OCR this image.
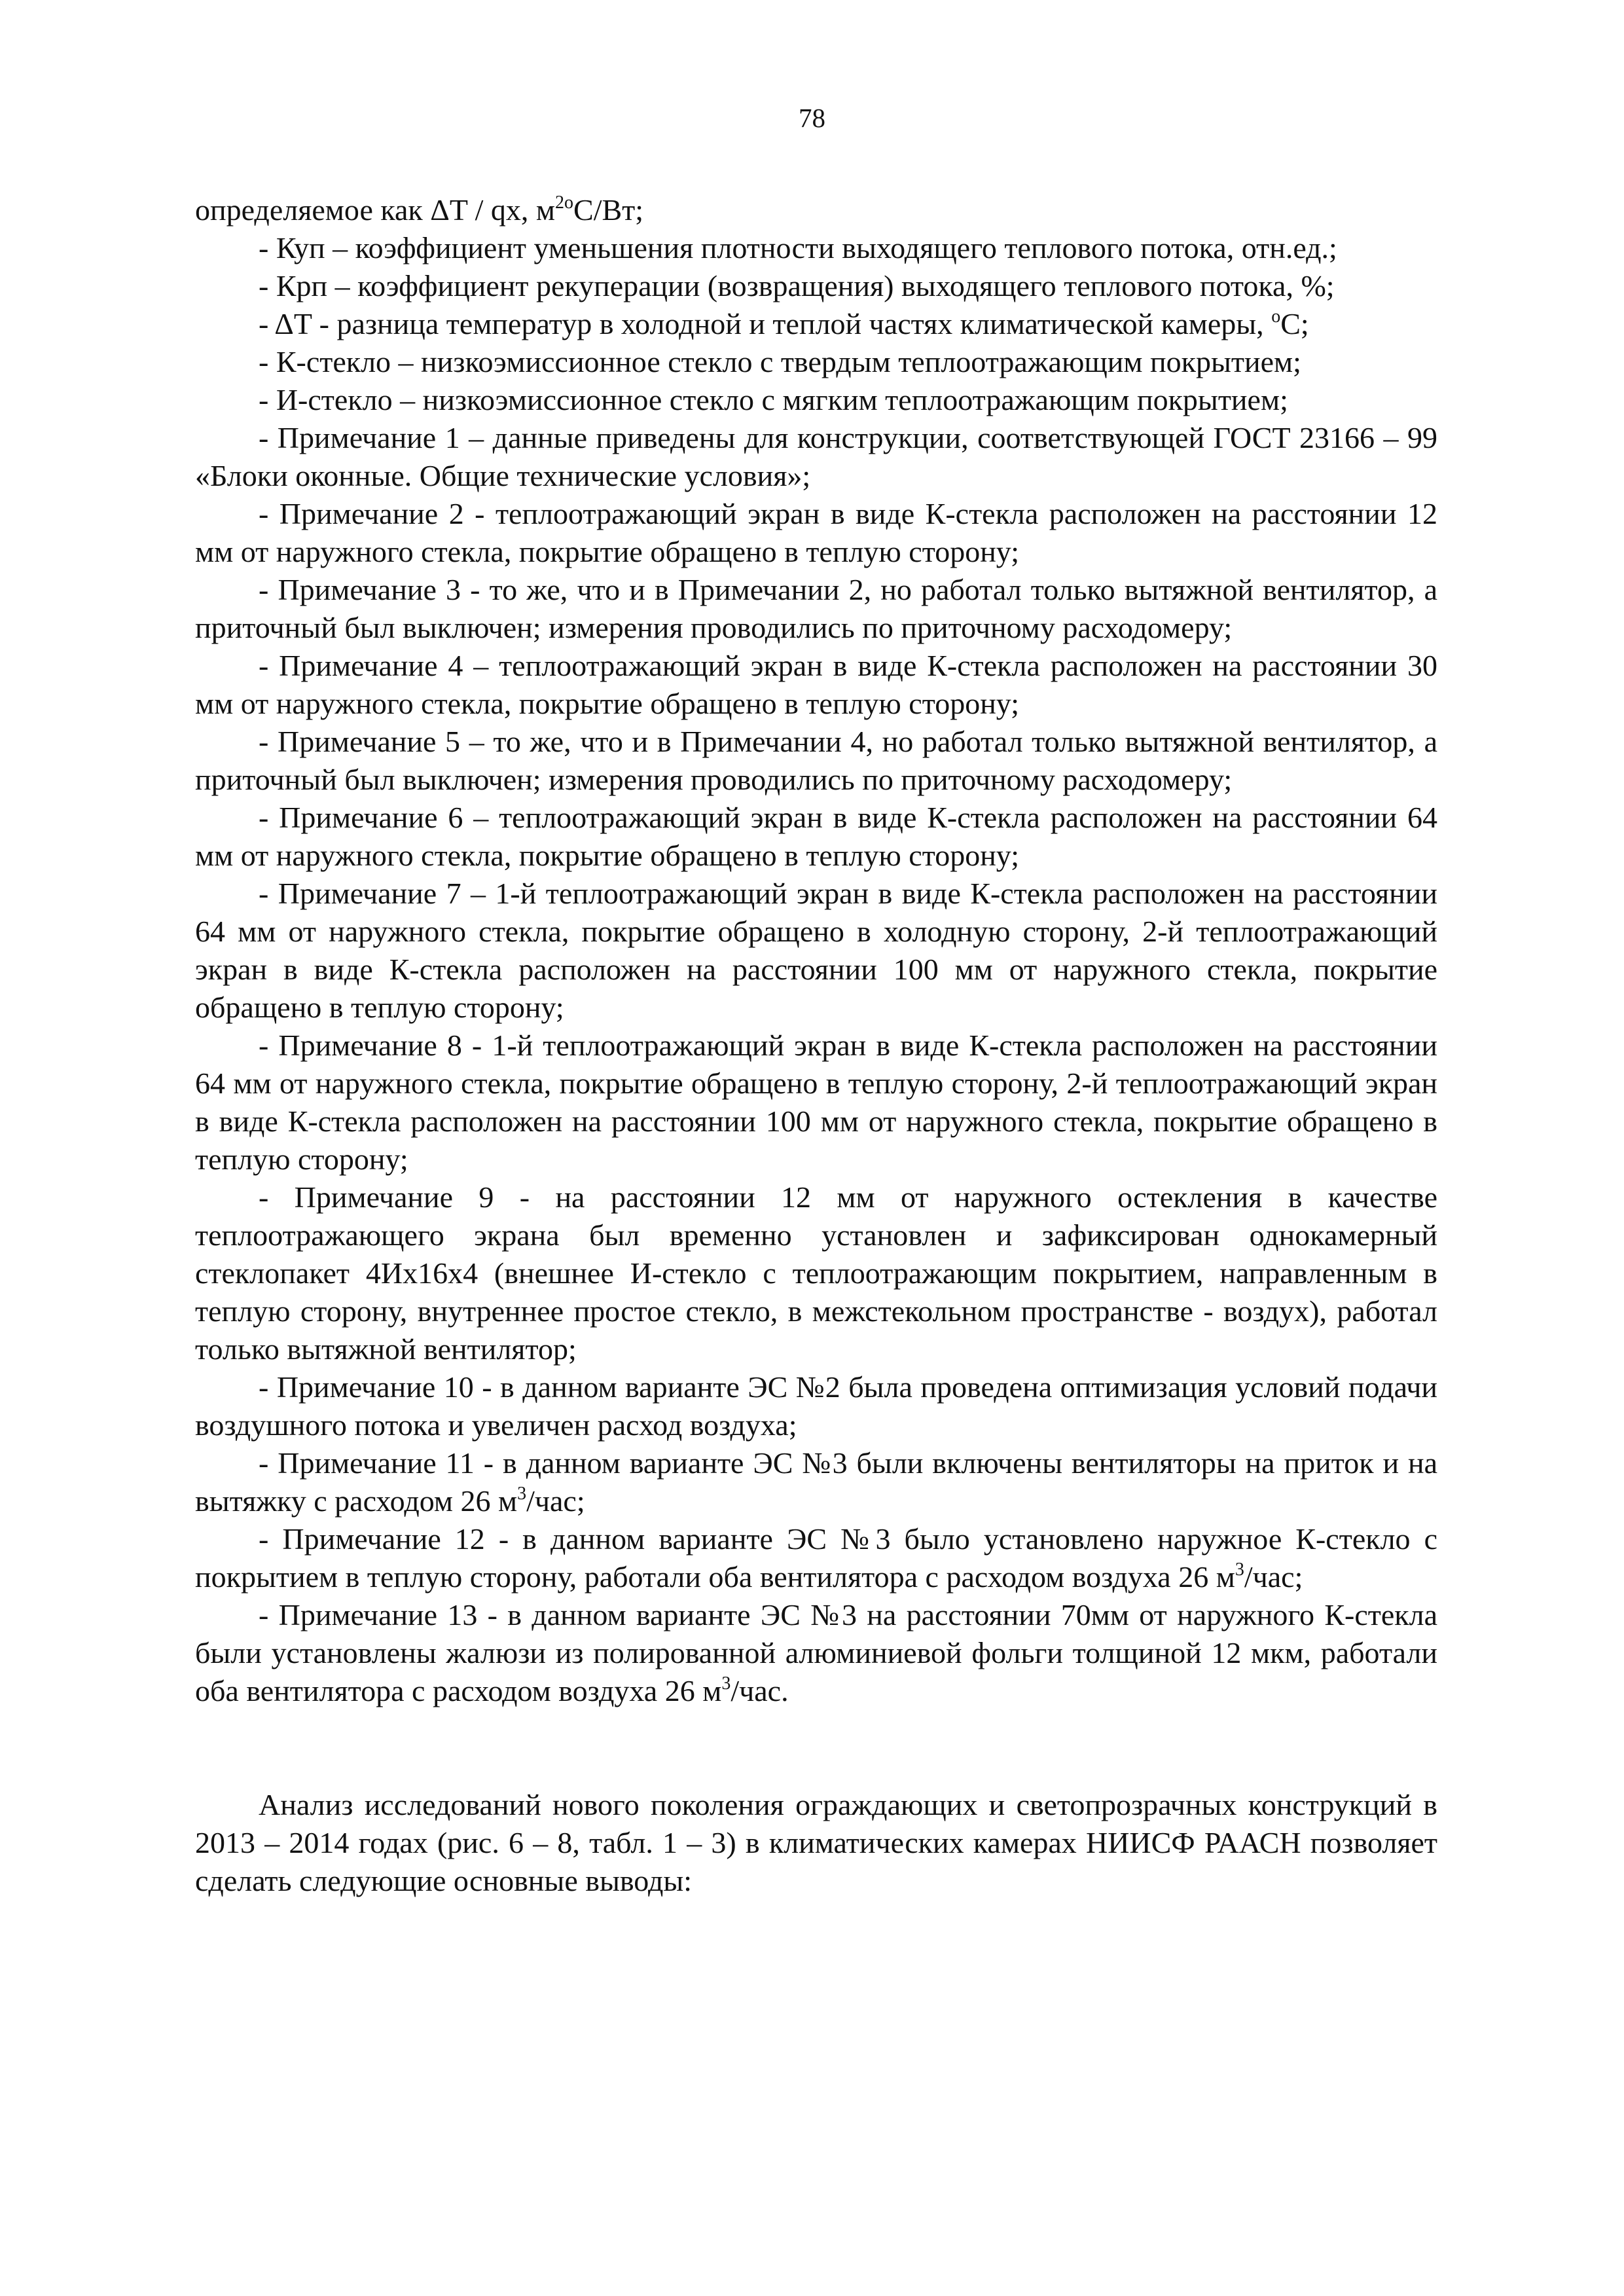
78

определяемое как ΔT / qx, $м^{2о}С/Вт$;

- Куп – коэффициент уменьшения плотности выходящего теплового потока, отн.ед.;

- Крп – коэффициент рекуперации (возвращения) выходящего теплового потока, %;

- ΔT - разница температур в холодной и теплой частях климатической камеры, $^о$С;

- К-стекло – низкоэмиссионное стекло с твердым теплоотражающим покрытием;

- И-стекло – низкоэмиссионное стекло с мягким теплоотражающим покрытием;

- Примечание 1 – данные приведены для конструкции, соответствующей ГОСТ 23166 – 99 «Блоки оконные. Общие технические условия»;

- Примечание 2 - теплоотражающий экран в виде К-стекла расположен на расстоянии 12 мм от наружного стекла, покрытие обращено в теплую сторону;

- Примечание 3 - то же, что и в Примечании 2, но работал только вытяжной вентилятор, а приточный был выключен; измерения проводились по приточному расходомеру;

- Примечание 4 – теплоотражающий экран в виде К-стекла расположен на расстоянии 30 мм от наружного стекла, покрытие обращено в теплую сторону;

- Примечание 5 – то же, что и в Примечании 4, но работал только вытяжной вентилятор, а приточный был выключен; измерения проводились по приточному расходомеру;

- Примечание 6 – теплоотражающий экран в виде К-стекла расположен на расстоянии 64 мм от наружного стекла, покрытие обращено в теплую сторону;

- Примечание 7 – 1-й теплоотражающий экран в виде К-стекла расположен на расстоянии 64 мм от наружного стекла, покрытие обращено в холодную сторону, 2-й теплоотражающий экран в виде К-стекла расположен на расстоянии 100 мм от наружного стекла, покрытие обращено в теплую сторону;

- Примечание 8 - 1-й теплоотражающий экран в виде К-стекла расположен на расстоянии 64 мм от наружного стекла, покрытие обращено в теплую сторону, 2-й теплоотражающий экран в виде К-стекла расположен на расстоянии 100 мм от наружного стекла, покрытие обращено в теплую сторону;

- Примечание 9 - на расстоянии 12 мм от наружного остекления в качестве теплоотражающего экрана был временно установлен и зафиксирован однокамерный стеклопакет 4Их16х4 (внешнее И-стекло с теплоотражающим покрытием, направленным в теплую сторону, внутреннее простое стекло, в межстекольном пространстве - воздух), работал только вытяжной вентилятор;

- Примечание 10 - в данном варианте ЭС №2 была проведена оптимизация условий подачи воздушного потока и увеличен расход воздуха;

- Примечание 11 - в данном варианте ЭС №3 были включены вентиляторы на приток и на вытяжку с расходом 26 $м^3$/час;

- Примечание 12 - в данном варианте ЭС №3 было установлено наружное К-стекло с покрытием в теплую сторону, работали оба вентилятора с расходом воздуха 26 $м^3$/час;

- Примечание 13 - в данном варианте ЭС №3 на расстоянии 70мм от наружного К-стекла были установлены жалюзи из полированной алюминиевой фольги толщиной 12 мкм, работали оба вентилятора с расходом воздуха 26 $м^3$/час.

Анализ исследований нового поколения ограждающих и светопрозрачных конструкций в 2013 – 2014 годах (рис. 6 – 8, табл. 1 – 3) в климатических камерах НИИСФ РААСН позволяет сделать следующие основные выводы:
